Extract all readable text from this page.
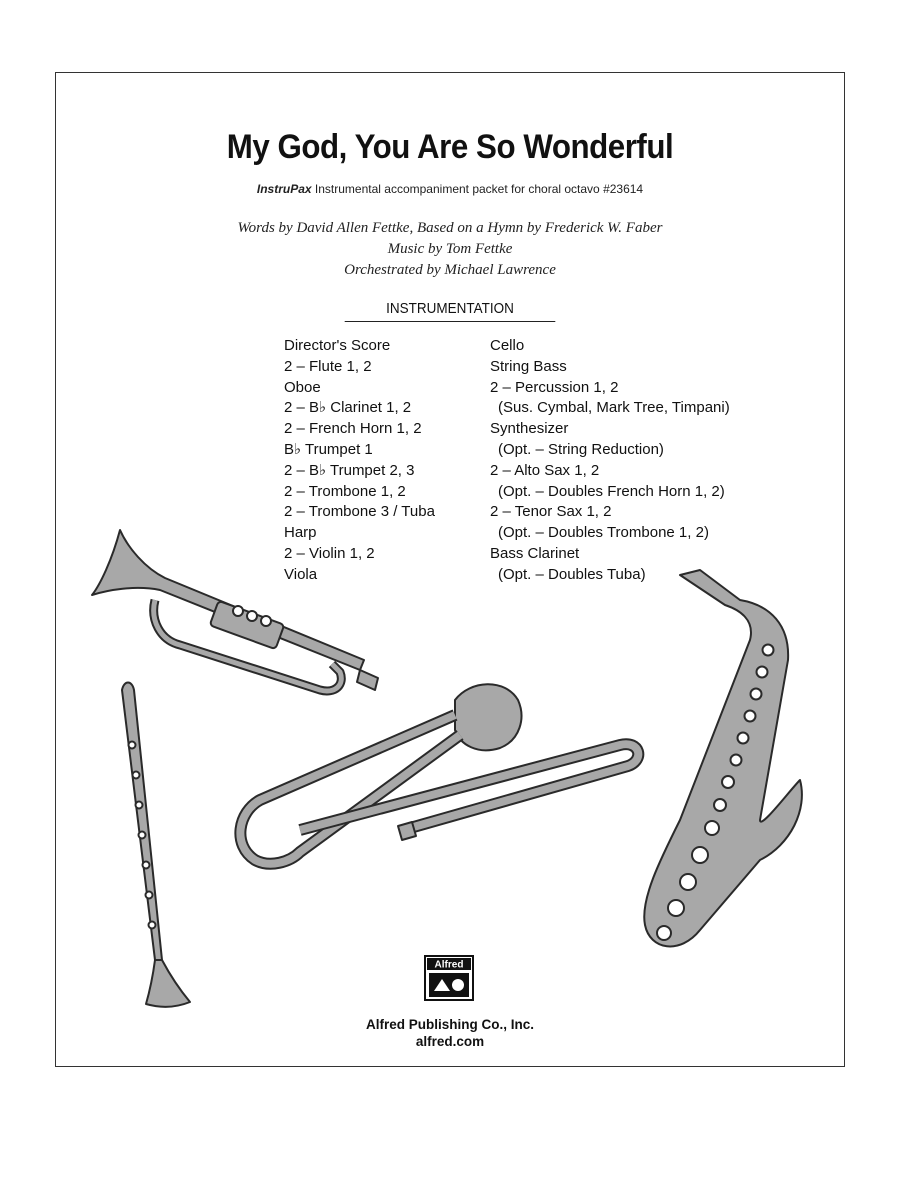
My God, You Are So Wonderful
InstruPax Instrumental accompaniment packet for choral octavo #23614
Words by David Allen Fettke, Based on a Hymn by Frederick W. Faber
Music by Tom Fettke
Orchestrated by Michael Lawrence
INSTRUMENTATION
Director's Score
2 – Flute 1, 2
Oboe
2 – B♭ Clarinet 1, 2
2 – French Horn 1, 2
B♭ Trumpet 1
2 – B♭ Trumpet 2, 3
2 – Trombone 1, 2
2 – Trombone 3 / Tuba
Harp
2 – Violin 1, 2
Viola
Cello
String Bass
2 – Percussion 1, 2
(Sus. Cymbal, Mark Tree, Timpani)
Synthesizer
(Opt. – String Reduction)
2 – Alto Sax 1, 2
(Opt. – Doubles French Horn 1, 2)
2 – Tenor Sax 1, 2
(Opt. – Doubles Trombone 1, 2)
Bass Clarinet
(Opt. – Doubles Tuba)
Alfred
Alfred Publishing Co., Inc.
alfred.com
